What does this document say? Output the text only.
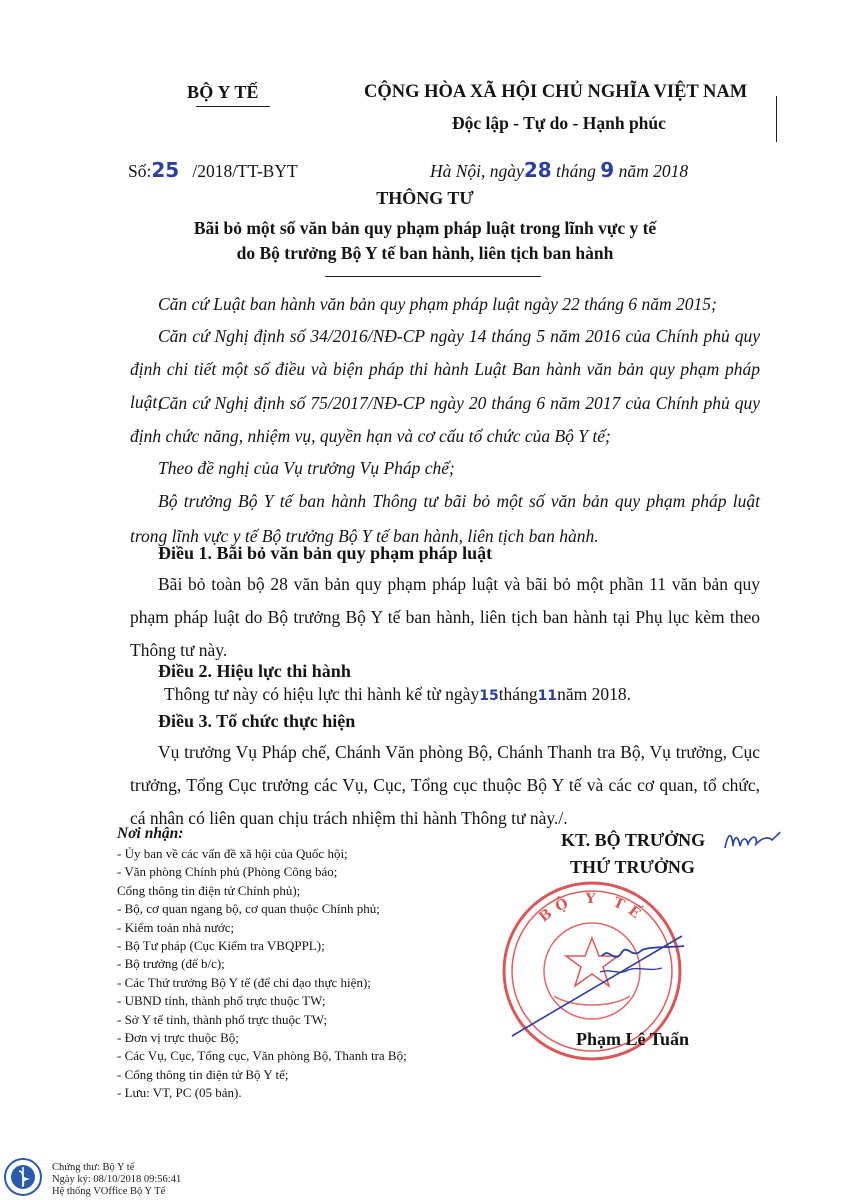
BỘ Y TẾ	CỘNG HÒA XÃ HỘI CHỦ NGHĨA VIỆT NAM
Độc lập - Tự do - Hạnh phúc
Số:25 /2018/TT-BYT	Hà Nội, ngày28 tháng 9 năm 2018
THÔNG TƯ
Bãi bỏ một số văn bản quy phạm pháp luật trong lĩnh vực y tế
do Bộ trưởng Bộ Y tế ban hành, liên tịch ban hành
Căn cứ Luật ban hành văn bản quy phạm pháp luật ngày 22 tháng 6 năm 2015;
Căn cứ Nghị định số 34/2016/NĐ-CP ngày 14 tháng 5 năm 2016 của Chính phủ quy định chi tiết một số điều và biện pháp thi hành Luật Ban hành văn bản quy phạm pháp luật;
Căn cứ Nghị định số 75/2017/NĐ-CP ngày 20 tháng 6 năm 2017 của Chính phủ quy định chức năng, nhiệm vụ, quyền hạn và cơ cấu tổ chức của Bộ Y tế;
Theo đề nghị của Vụ trưởng Vụ Pháp chế;
Bộ trưởng Bộ Y tế ban hành Thông tư bãi bỏ một số văn bản quy phạm pháp luật trong lĩnh vực y tế Bộ trưởng Bộ Y tế ban hành, liên tịch ban hành.
Điều 1. Bãi bỏ văn bản quy phạm pháp luật
Bãi bỏ toàn bộ 28 văn bản quy phạm pháp luật và bãi bỏ một phần 11 văn bản quy phạm pháp luật do Bộ trưởng Bộ Y tế ban hành, liên tịch ban hành tại Phụ lục kèm theo Thông tư này.
Điều 2. Hiệu lực thi hành
Thông tư này có hiệu lực thi hành kể từ ngày15tháng11năm 2018.
Điều 3. Tổ chức thực hiện
Vụ trưởng Vụ Pháp chế, Chánh Văn phòng Bộ, Chánh Thanh tra Bộ, Vụ trưởng, Cục trưởng, Tổng Cục trưởng các Vụ, Cục, Tổng cục thuộc Bộ Y tế và các cơ quan, tổ chức, cá nhân có liên quan chịu trách nhiệm thi hành Thông tư này./.
Nơi nhận:
- Ủy ban về các vấn đề xã hội của Quốc hội;
- Văn phòng Chính phủ (Phòng Công báo;
Cổng thông tin điện tử Chính phủ);
- Bộ, cơ quan ngang bộ, cơ quan thuộc Chính phủ;
- Kiểm toán nhà nước;
- Bộ Tư pháp (Cục Kiểm tra VBQPPL);
- Bộ trưởng (để b/c);
- Các Thứ trưởng Bộ Y tế (để chỉ đạo thực hiện);
- UBND tỉnh, thành phố trực thuộc TW;
- Sở Y tế tỉnh, thành phố trực thuộc TW;
- Đơn vị trực thuộc Bộ;
- Các Vụ, Cục, Tổng cục, Văn phòng Bộ, Thanh tra Bộ;
- Cổng thông tin điện tử Bộ Y tế;
- Lưu: VT, PC (05 bản).
KT. BỘ TRƯỞNG
THỨ TRƯỞNG
BỘ Y TẾ
Phạm Lê Tuấn
Chứng thư: Bộ Y tế
Ngày ký: 08/10/2018 09:56:41
Hệ thống VOffice Bộ Y Tế
